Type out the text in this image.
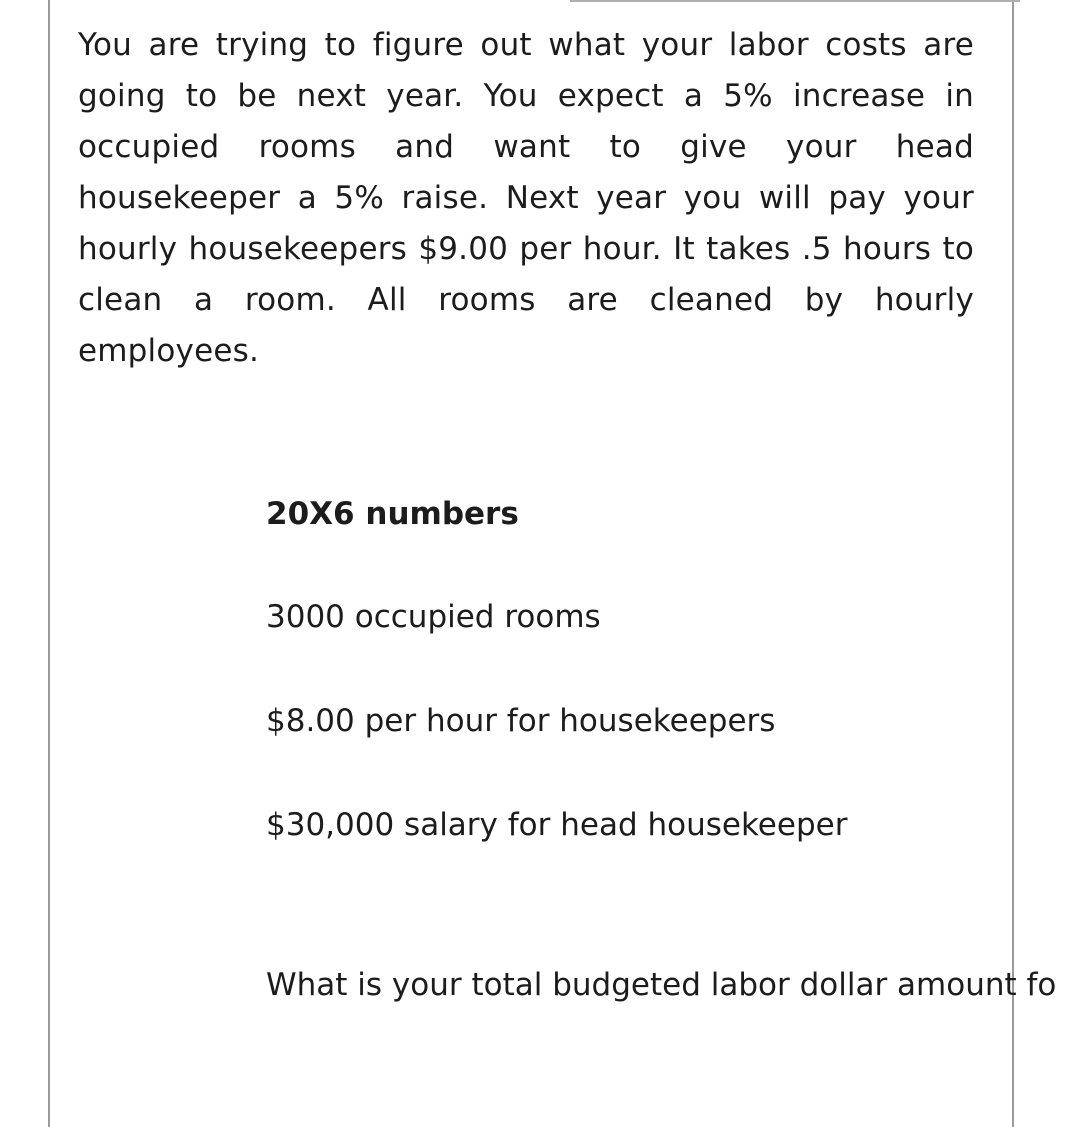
You are trying to figure out what your labor costs are going to be next year. You expect a 5% increase in occupied rooms and want to give your head housekeeper a 5% raise. Next year you will pay your hourly housekeepers $9.00 per hour. It takes .5 hours to clean a room. All rooms are cleaned by hourly employees.

20X6 numbers

3000 occupied rooms

$8.00 per hour for housekeepers

$30,000 salary for head housekeeper

What is your total budgeted labor dollar amount fo
